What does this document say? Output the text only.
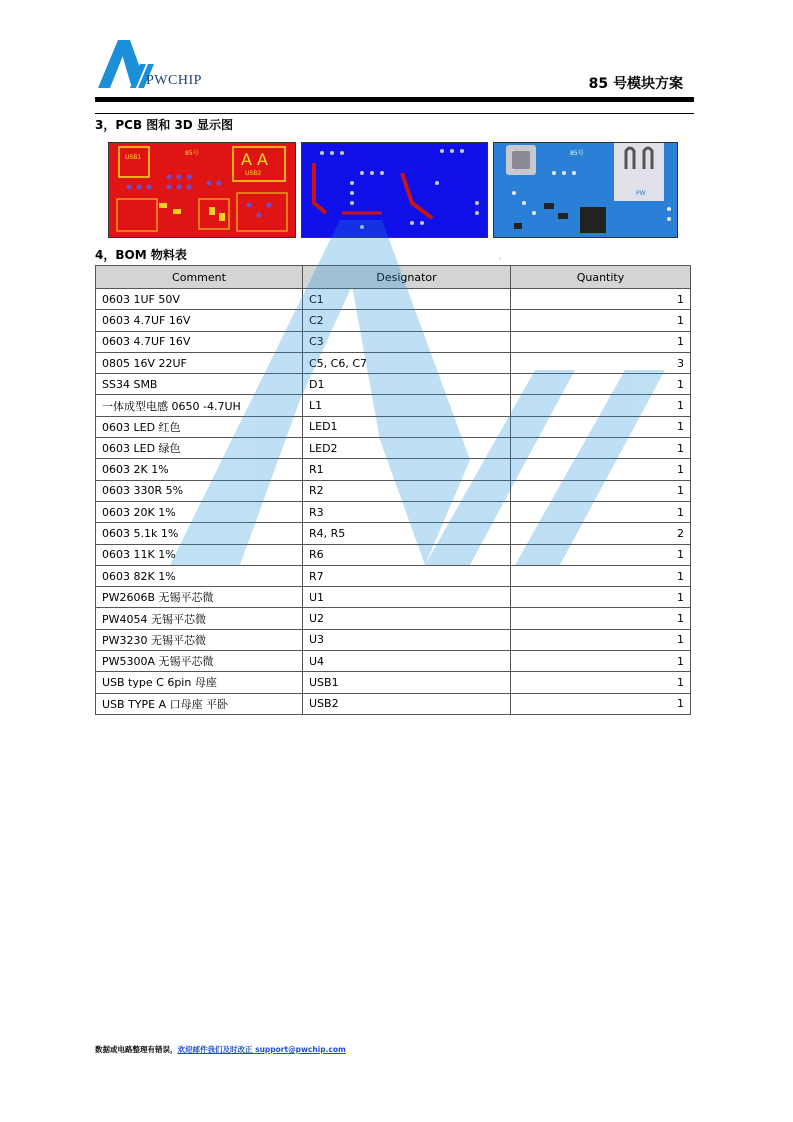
PWCHIP	85 号模块方案
3，PCB 图和 3D 显示图
USB1
85号	A A
USB2
85号
PW
4，BOM 物料表	.
Comment	Designator	Quantity
0603 1UF 50V	C1	1
0603 4.7UF 16V	C2	1
0603 4.7UF 16V	C3	1
0805 16V 22UF	C5, C6, C7	3
SS34 SMB	D1	1
一体成型电感 0650 -4.7UH	L1	1
0603 LED 红色	LED1	1
0603 LED 绿色	LED2	1
0603 2K 1%	R1	1
0603 330R 5%	R2	1
0603 20K 1%	R3	1
0603 5.1k 1%	R4, R5	2
0603 11K 1%	R6	1
0603 82K 1%	R7	1
PW2606B 无锡平芯微	U1	1
PW4054 无锡平芯微	U2	1
PW3230 无锡平芯微	U3	1
PW5300A 无锡平芯微	U4	1
USB type C 6pin 母座	USB1	1
USB TYPE A 口母座 平卧	USB2	1
数据或电路整理有错误，欢迎邮件我们及时改正 support@pwchip.com
